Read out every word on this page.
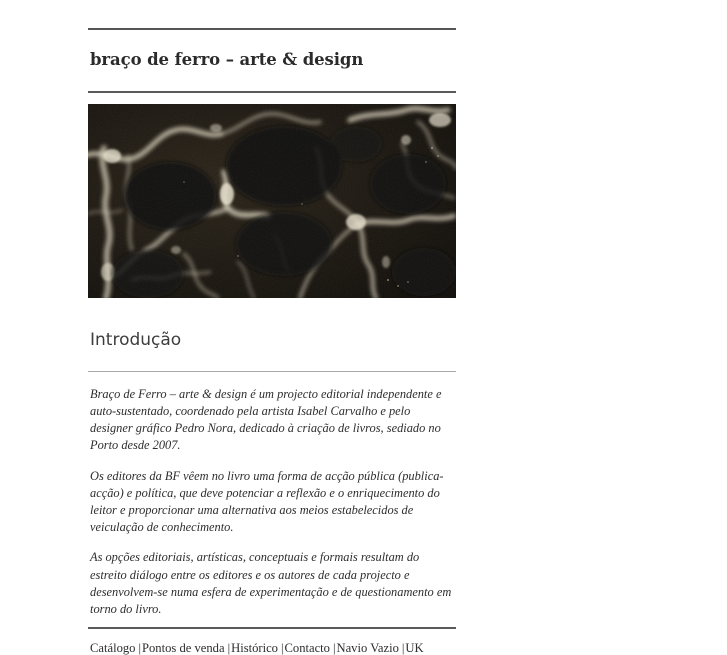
braço de ferro – arte & design
Introdução

Braço de Ferro – arte & design é um projecto editorial independente e auto-sustentado, coordenado pela artista Isabel Carvalho e pelo designer gráfico Pedro Nora, dedicado à criação de livros, sediado no Porto desde 2007.

Os editores da BF vêem no livro uma forma de acção pública (publica-acção) e política, que deve potenciar a reflexão e o enriquecimento do leitor e proporcionar uma alternativa aos meios estabelecidos de veiculação de conhecimento.

As opções editoriais, artísticas, conceptuais e formais resultam do estreito diálogo entre os editores e os autores de cada projecto e desenvolvem-se numa esfera de experimentação e de questionamento em torno do livro.

Catálogo |Pontos de venda |Histórico |Contacto |Navio Vazio |UK
